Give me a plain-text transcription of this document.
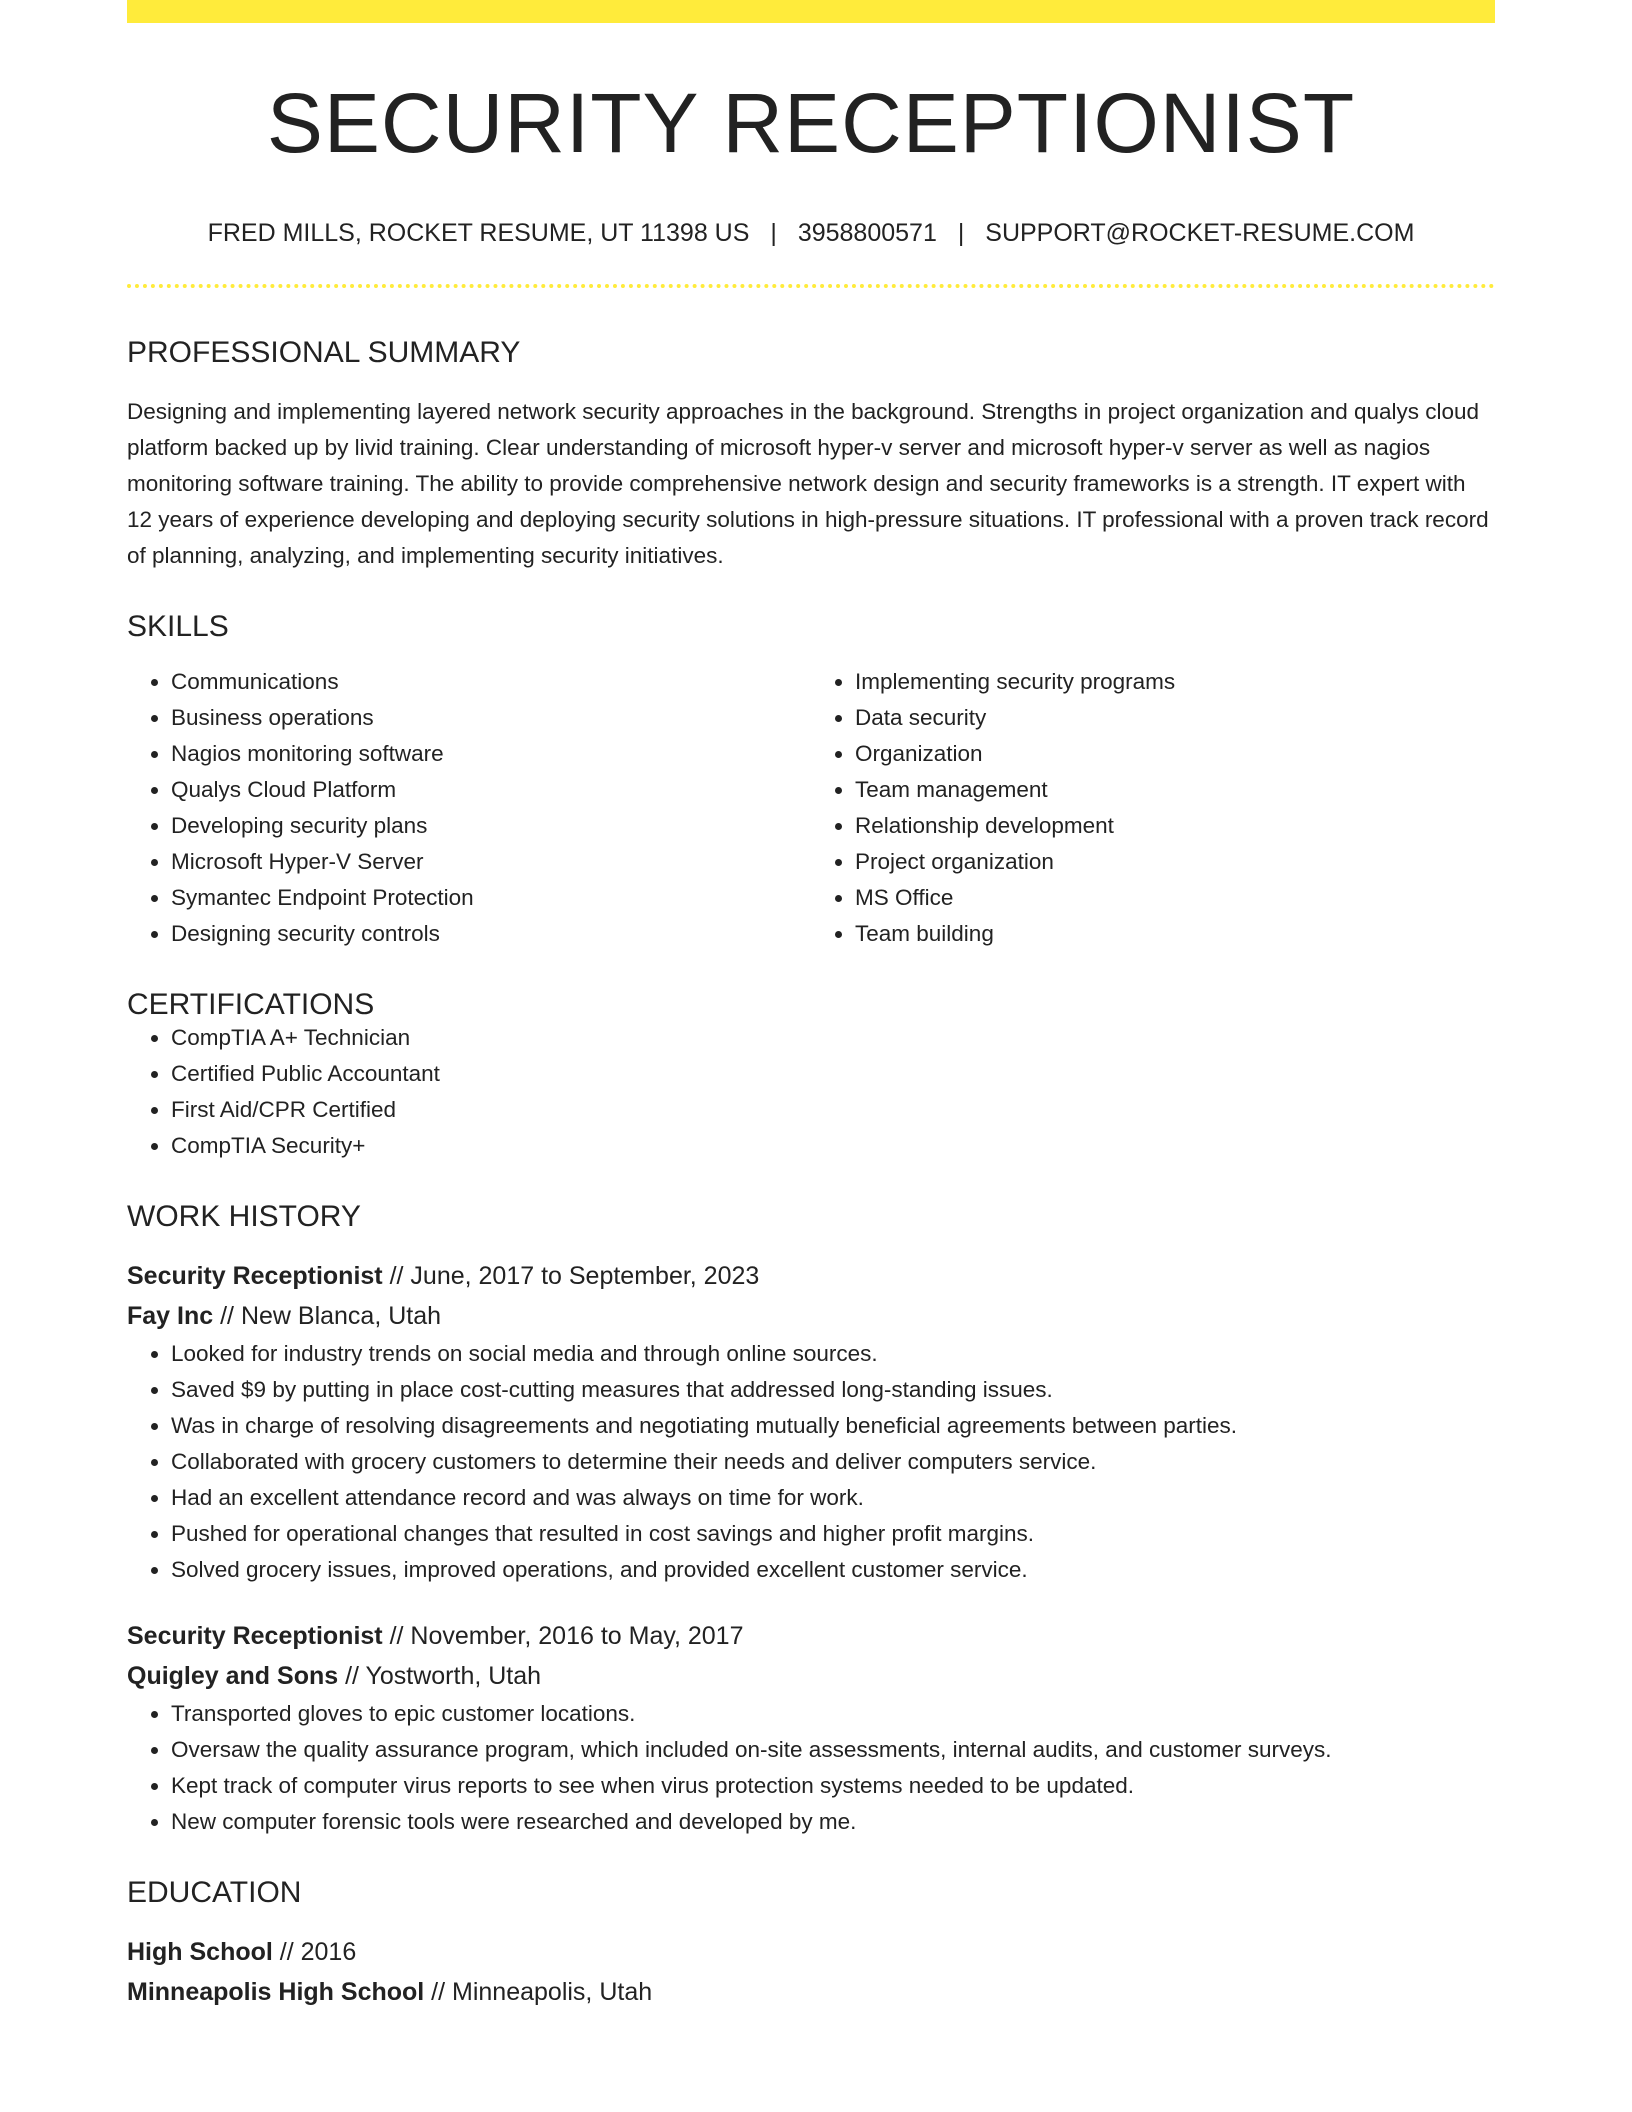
SECURITY RECEPTIONIST
FRED MILLS, ROCKET RESUME, UT 11398 US | 3958800571 | SUPPORT@ROCKET-RESUME.COM
PROFESSIONAL SUMMARY

Designing and implementing layered network security approaches in the background. Strengths in project organization and qualys cloud platform backed up by livid training. Clear understanding of microsoft hyper-v server and microsoft hyper-v server as well as nagios monitoring software training. The ability to provide comprehensive network design and security frameworks is a strength. IT expert with 12 years of experience developing and deploying security solutions in high-pressure situations. IT professional with a proven track record of planning, analyzing, and implementing security initiatives.

SKILLS
• Communications
• Business operations
• Nagios monitoring software
• Qualys Cloud Platform
• Developing security plans
• Microsoft Hyper-V Server
• Symantec Endpoint Protection
• Designing security controls
• Implementing security programs
• Data security
• Organization
• Team management
• Relationship development
• Project organization
• MS Office
• Team building
CERTIFICATIONS
• CompTIA A+ Technician
• Certified Public Accountant
• First Aid/CPR Certified
• CompTIA Security+
WORK HISTORY
Security Receptionist // June, 2017 to September, 2023
Fay Inc // New Blanca, Utah
• Looked for industry trends on social media and through online sources.
• Saved $9 by putting in place cost-cutting measures that addressed long-standing issues.
• Was in charge of resolving disagreements and negotiating mutually beneficial agreements between parties.
• Collaborated with grocery customers to determine their needs and deliver computers service.
• Had an excellent attendance record and was always on time for work.
• Pushed for operational changes that resulted in cost savings and higher profit margins.
• Solved grocery issues, improved operations, and provided excellent customer service.
Security Receptionist // November, 2016 to May, 2017
Quigley and Sons // Yostworth, Utah
• Transported gloves to epic customer locations.
• Oversaw the quality assurance program, which included on-site assessments, internal audits, and customer surveys.
• Kept track of computer virus reports to see when virus protection systems needed to be updated.
• New computer forensic tools were researched and developed by me.
EDUCATION
High School // 2016
Minneapolis High School // Minneapolis, Utah
